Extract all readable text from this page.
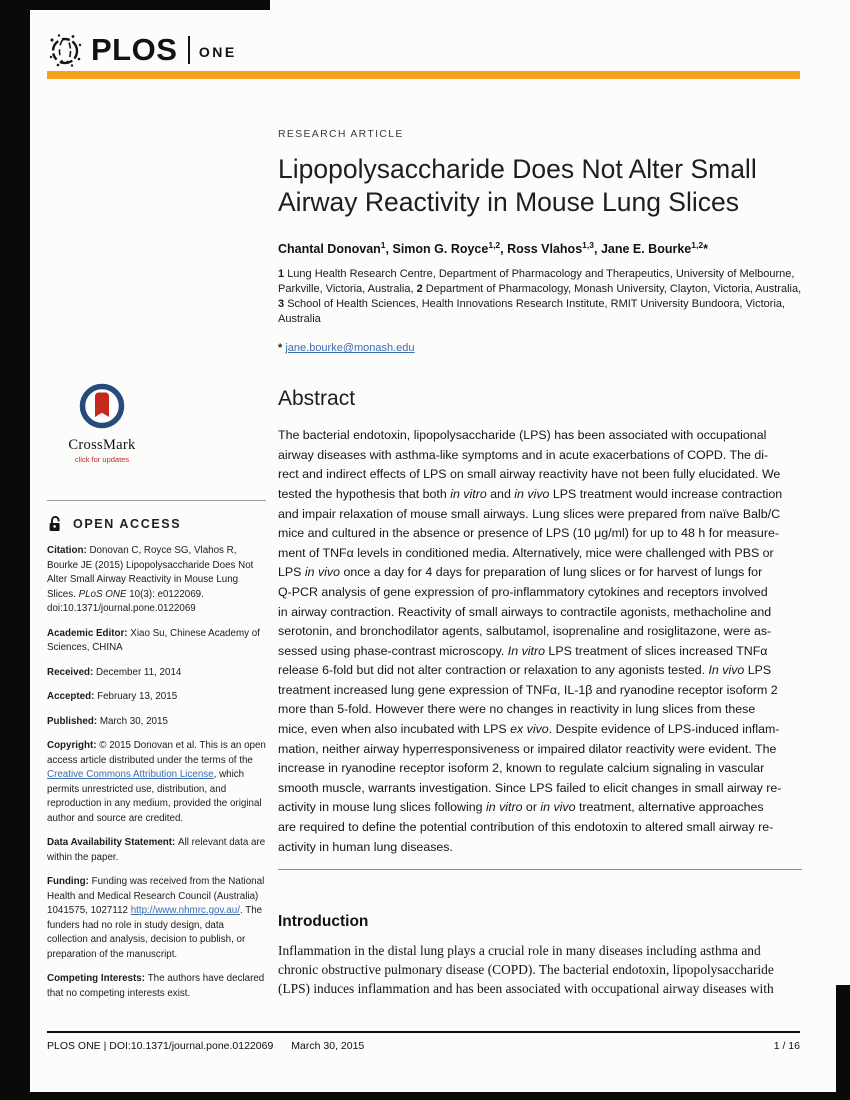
PLOS ONE
CrossMark
click for updates
OPEN ACCESS
Citation: Donovan C, Royce SG, Vlahos R, Bourke JE (2015) Lipopolysaccharide Does Not Alter Small Airway Reactivity in Mouse Lung Slices. PLoS ONE 10(3): e0122069. doi:10.1371/journal.pone.0122069
Academic Editor: Xiao Su, Chinese Academy of Sciences, CHINA
Received: December 11, 2014
Accepted: February 13, 2015
Published: March 30, 2015
Copyright: © 2015 Donovan et al. This is an open access article distributed under the terms of the Creative Commons Attribution License, which permits unrestricted use, distribution, and reproduction in any medium, provided the original author and source are credited.
Data Availability Statement: All relevant data are within the paper.
Funding: Funding was received from the National Health and Medical Research Council (Australia) 1041575, 1027112 http://www.nhmrc.gov.au/. The funders had no role in study design, data collection and analysis, decision to publish, or preparation of the manuscript.
Competing Interests: The authors have declared that no competing interests exist.
RESEARCH ARTICLE
Lipopolysaccharide Does Not Alter Small Airway Reactivity in Mouse Lung Slices
Chantal Donovan$^1$, Simon G. Royce$^{1,2}$, Ross Vlahos$^{1,3}$, Jane E. Bourke$^{1,2}$*
1 Lung Health Research Centre, Department of Pharmacology and Therapeutics, University of Melbourne, Parkville, Victoria, Australia, 2 Department of Pharmacology, Monash University, Clayton, Victoria, Australia, 3 School of Health Sciences, Health Innovations Research Institute, RMIT University Bundoora, Victoria, Australia
* jane.bourke@monash.edu
Abstract
The bacterial endotoxin, lipopolysaccharide (LPS) has been associated with occupational
airway diseases with asthma-like symptoms and in acute exacerbations of COPD. The di-
rect and indirect effects of LPS on small airway reactivity have not been fully elucidated. We
tested the hypothesis that both in vitro and in vivo LPS treatment would increase contraction
and impair relaxation of mouse small airways. Lung slices were prepared from naïve Balb/C
mice and cultured in the absence or presence of LPS (10 μg/ml) for up to 48 h for measure-
ment of TNFα levels in conditioned media. Alternatively, mice were challenged with PBS or
LPS in vivo once a day for 4 days for preparation of lung slices or for harvest of lungs for
Q-PCR analysis of gene expression of pro-inflammatory cytokines and receptors involved
in airway contraction. Reactivity of small airways to contractile agonists, methacholine and
serotonin, and bronchodilator agents, salbutamol, isoprenaline and rosiglitazone, were as-
sessed using phase-contrast microscopy. In vitro LPS treatment of slices increased TNFα
release 6-fold but did not alter contraction or relaxation to any agonists tested. In vivo LPS
treatment increased lung gene expression of TNFα, IL-1β and ryanodine receptor isoform 2
more than 5-fold. However there were no changes in reactivity in lung slices from these
mice, even when also incubated with LPS ex vivo. Despite evidence of LPS-induced inflam-
mation, neither airway hyperresponsiveness or impaired dilator reactivity were evident. The
increase in ryanodine receptor isoform 2, known to regulate calcium signaling in vascular
smooth muscle, warrants investigation. Since LPS failed to elicit changes in small airway re-
activity in mouse lung slices following in vitro or in vivo treatment, alternative approaches
are required to define the potential contribution of this endotoxin to altered small airway re-
activity in human lung diseases.
Introduction
Inflammation in the distal lung plays a crucial role in many diseases including asthma and
chronic obstructive pulmonary disease (COPD). The bacterial endotoxin, lipopolysaccharide
(LPS) induces inflammation and has been associated with occupational airway diseases with
PLOS ONE | DOI:10.1371/journal.pone.0122069 March 30, 2015	1 / 16
